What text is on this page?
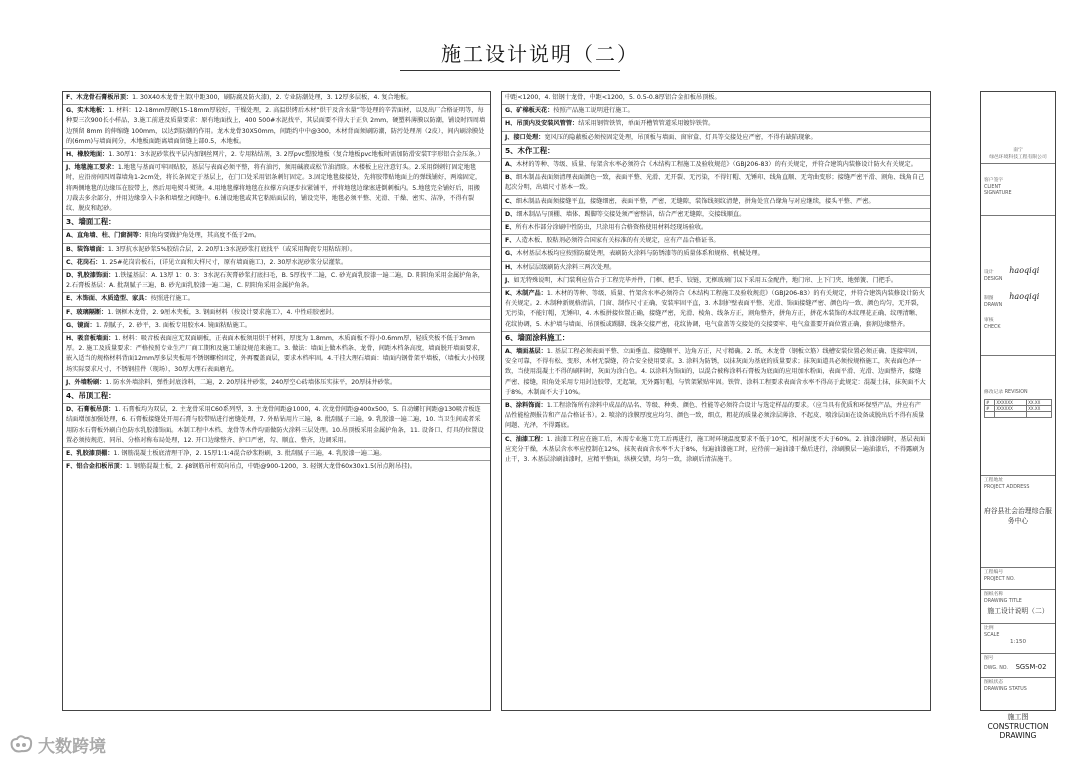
施工设计说明（二）
F、木龙骨石膏板吊顶：1. 30X40木龙骨主架(中距300，刷防腐及防火漆)，2. 专业防潮处理，3. 12厚多层板，4. 复合地板。
G、实木地板：1. 材料：12-18mm厚硬(15-18mm厚较好，干燥处理，2. 高温烘烤后木材“烘干及含水量”等处理的辛苦面材，以及出厂合格证明等，每种要三次900长小样品，3.施工前进及质量要求：原有地面找上，400 500#水泥找平，其层面要不得大于正负 2mm，硬塑料薄膜以防潮，铺设时四周墙边预留 8mm 的伸缩缝 100mm，以达到防潮的作用。龙木龙骨30X50mm，间距约中中@300，木材背面须刷防潮，防污处理剂（2皮），间内刷涂膜处的(6mm)与墙面间分，木地板面距离墙面留缝上部0.5，木地板。
H、橡胶地面：1. 30厚1：3水泥砂浆找平层内加钢丝网片，2. 专用粘结剂，3. 2厚pvc塑胶地板（复合地板pvc地板时需加防滑安装T字形铝合金压条。）
J、地毯施工要求：1.地毯与基面可牢固贴胶，基层与表面必须平整，将有油污，须用碱液或松节油清除。木楼板上应注意钉头。2.采用倒刺钉固定地毯时，应沿房间四周靠墙角1-2cm处，将长条固定于基层上，在门口处采用铝条刺钉固定。3.固定地毯接接处，先将胶带贴地面上的弹线铺好，两端固定，将两侧地毯的边缘压在胶带上，然后用电熨斗熨烫。4.用地毯撑将地毯在拉撑方向逐步拉紧铺平，并将地毯边缘塞进倒刺板内。5.地毯完全铺好后，用搬刀裁去多余部分，并用边缘拳入卡条和墙壁之间缝中。6.铺设地毯或其它粘贴面层的，铺设完毕，地毯必须平整、光滑、干燥、密实、洁净，不得有裂纹、脱皮和起砂。
3、墙面工程：
A、直角墙、柱、门窗洞等：阳角均要做护角处理，其高度不低于2m。
B、装饰墙面：1. 3厚抗水泥砂浆5%胶结合层，2. 20厚1:3水泥砂浆打底找平（或采用陶瓷专用粘结剂）。
C、花岗石：1. 25#花岗岩板石，(详见立面和大样尺寸，原有墙面施工)，2. 30厚水泥砂浆分层灌浆。
D、乳胶漆饰面：1.铁锰基层：A. 13厚 1：0. 3：3水泥石灰膏砂浆打底扫毛，B. 5厚找平二遍，C. 砂光面乳胶漆一遍二遍，D. 阳阳角采用金属护角条，2.石膏板基层：A. 批刮腻子三遍，B. 砂光面乳胶漆一遍二遍，C. 阴阳角采用金属护角条。
E、木饰面、木质造型、家具：按照进行施工。
F、玻璃隔断：1. 钢框木龙骨，2. 9厘木夹板，3. 钢面材料（按设计要求施工），4. 中性硅胶密封。
G、镜面：1. 刮腻子，2. 砂平，3. 面板专用胶水4. 镜面粘贴施工。
H、吸音板墙面：1. 材料：吸音板表面应无双面刷板，正表面木板须用烘干材料，厚度为 1.8mm，木质面板不得小0.6mm厚，轻质夹板不低于3mm厚。2. 施工及质量要求：严格按照专业生产厂商工期和及施工铺设规范来施工。3. 做法：墙面上做木档条、龙骨，间距木档条高度，墙面脱开墙面要求，嵌入适当的规格材料背面12mm厚多层夹板用不锈钢螺栓固定，外再覆盖面层，要求木档牢固。4.干挂大理石墙面：墙面内钢骨架平墙板，（墙板大小按现场实际要求尺寸，不锈钢挂件（现场），30厚大理石表面磨光。
J、外墙粉刷：1. 防水外墙涂料，弹性封底涂料，二遍，2. 20厚抹井砂浆，240厚空心砖墙体压实抹平，20厚抹井砂浆。
4、吊顶工程：
D、石膏板吊顶：1. 石膏板均为双层，2. 主龙骨采用C60系列型，3. 主龙骨间距@1000，4. 次龙骨间距@400x500，5. 自动螺钉间距@130吸音板连结面增加加强处理，6. 石膏板接缝处开用石膏与胶带贴进行密缝处理，7. 外贴钻用片三遍，8. 批刮腻子三遍，9. 乳胶漆一遍二遍，10. 当卫生间或者采用防水石膏板外刷白色防水乳胶漆饰面。木制工程中木档、龙骨等木件均需做防火涂料三层处理。10.吊顶板采用金属护角条，11. 设备口、灯具的位置设置必须按规范、同吊、分格对称布局处理，12. 开口边缘整齐、护口严密，勾、顺直、整齐，边调采用。
E、乳胶漆顶棚：1. 钢筋混凝土板底清理干净，2. 15厚1:1:4混合砂浆粉刷，3. 批刮腻子三遍，4. 乳胶漆一遍二遍。
F、铝合金扣板吊顶：1. 钢筋混凝土板，2. ∮8钢筋吊杆双向吊点，中距@900-1200，3. 轻钢大龙骨60x30x1.5(吊点附吊挂)。
中距<1200，4. 铝钢十龙骨，中距<1200，5. 0.5-0.8厚铝合金扣板吊顶板。
G、矿棉板天花：按照产品施工说明进行施工。
H、吊顶内及安装风管管：结采用钢管铁管，单面开槽管管道采用镀锌铁管。
J、接口处理：宽风压的隐蔽板必须按固定处理，吊顶板与墙面、窗帘盒、灯具等交接处应严密，不得有缺陷现象。
5、木作工程：
A、木材的等种、等级、质量、每架含水率必须符合《木结构工程施工及验收规范》（GBJ206-83）的有关规定，并符合建筑内装修设计防火有关规定。
B、细木制品表面须清理表面颜色一致，表面平整、光滑、无开裂、无污染，不得钉帽、无锤印、线角直顺、无弯曲变形；接缝严密平滑、割角、线角自己起次分明，出墙尺寸基本一致。
C、细木制品表面须接缝平直，接缝细密，表面平整，严密，无缝隙，装饰线刻纹清楚，拼角处宜凸缘角与对应继续，接头平整、严密。
D、细木制品与顶棚、墙体、踢脚等交接处须严密整洁，结合严密无缝隙，交接线顺直。
E、所有木作部分涂刷中性防虫，只涂用有合格资格使用材料经现场验收。
F、人造木板、胶粘剂必须符合国家有关标准的有关规定，应有产品合格证书。
G、木材基层木板均应按照防腐处理，表刷防火涂料与防锈漆等的质量体系和规格、机械处理。
H、木材层层级刷防火涂料三两次处理。
J、如无特殊说明，木门装利应仿合于工程完毕并件，门框、把手、铰链，无框玻璃门以下采用五金配件，地门帘、上下门夹、地弹簧、门把手。
K、木制产品：1. 木材的等种、等级、质量、竹架含水率必须符合《木结构工程施工及验收规范》（GBJ206-83）的有关规定，并符合建筑内装修设计防火有关规定。2. 木制种新规格清洁，门窗、制作尺寸正确，安装牢固平直，3. 木制护壁表面平整、光滑、饰面接缝严密、颜色均一致、颜色均匀，无开裂，无污染，不能钉帽，无锤印，4. 木板拼接位置正确，接缝严密，光滑、棱角、线条方正，割角整齐，拼角方正，拼花木装饰的木纹理花正确、纹理清晰、花纹协调，5. 木护墙与墙面、吊顶板或踢脚、线条交接严密，花纹协调，电气盒盖等交接处的交接要牢、电气盒盖要开面位置正确，套割边缘整齐。
6、墙面涂料施工：
A、墙面基层：1. 基层工程必须表面平整、立面垂直、接缝顺平、边角方正，尺寸精确。2. 纸、木龙骨（钢板立筋）线槽安装位置必须正确、连接牢固，安全可靠，不得有松、变形，木材无裂缝，符合安全使用要求。3. 涂料为防锈，以抹灰面为基底的质量要求；抹灰面道具必须按规格施工，灰表面色泽一致，当使用混凝土不得的刷料时，灰面为涂白色。4. 以涂料为饰面的，以混合被称涂料石膏板为底面的应用加水粉面，表面平滑、光滑、边面整齐，接缝严密、接缝，阳角处采用专用封边胶带，无起皱，无外露钉帽，与管架紧贴牢固。铁管、涂料工程要求表面含水率不得高于此规定：混凝土抹，抹灰面不大于8%，木制面不大于10%。
B、涂料饰面：1.工程涂饰所有涂料中成品的品名、等级、种类、颜色、性能等必须符合设计与选定样品的要求。（应当具有优质和环保型产品，并应有产品性能检测报告和产品合格证书）。2. 喷涂的涂膜厚度应均匀、颜色一致，细点，粗花的质量必须涂层薄涂、不起皮、喷涂层面在设备或脱出后不得有质量问题、光泽，不得露底。
C、油漆工程：1. 油漆工程应在施工后，木需专业施工完工后再进行，施工时环境温度要求不低于10℃，相对湿度不大于60%。2. 油漆涂刷时，基层表面应充分干燥，木基层含水率应控制在12%，抹灰表面含水率不大于8%，每遍油漆施工时，应待前一遍油漆干燥后进行，涂刷膜层一遍油漆后，不得露刷为止干，3. 木基层涂刷油漆时，应精平整面，纵横交错，均匀一致，涂刷后清洁施干。
南宁
绿邑环境科技工程有限公司
客户签字
CLIENT
SIGNATURE
设计 haoqiqi
DESIGN
制图 haoqiqi
DRAWN
审核
CHECK
修改记录 REVISION
#	XXXXXX	XX.XX
#	XXXXXX	XX.XX

工程地址
PROJECT ADDRESS
府谷县社会治理综合服务中心
工程编号
PROJECT NO.
图纸名称
DRAWING TITLE
施工设计说明（二）
比例
SCALE
1:150
图号
DWG. NO. SGSM-02
图纸状态
DRAWING STATUS
施工图
CONSTRUCTION
DRAWING
大数跨境
